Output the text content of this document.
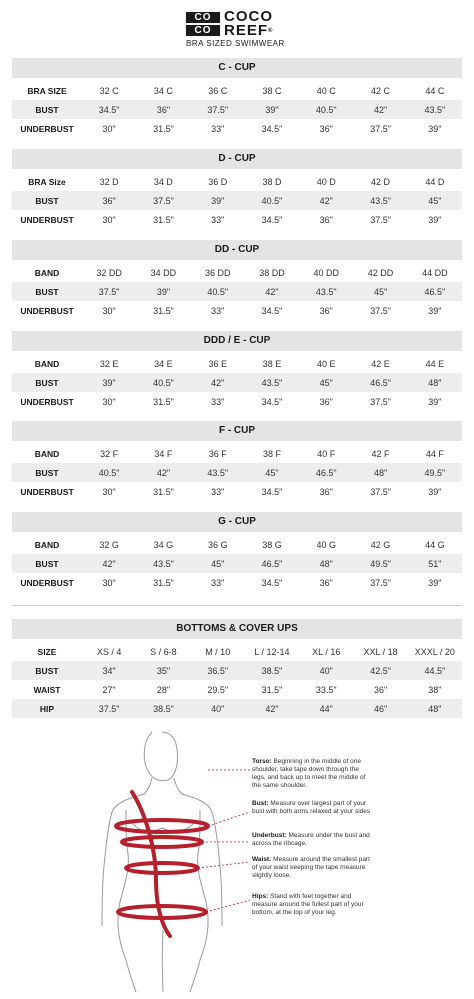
CO
CO
COCO
REEF®
BRA SIZED SWIMWEAR
C - CUP
BRA SIZE	32 C	34 C	36 C	38 C	40 C	42 C	44 C
BUST	34.5"	36"	37.5"	39"	40.5"	42"	43.5"
UNDERBUST	30"	31.5"	33"	34.5"	36"	37.5"	39"
D - CUP
BRA Size	32 D	34 D	36 D	38 D	40 D	42 D	44 D
BUST	36"	37.5"	39"	40.5"	42"	43.5"	45"
UNDERBUST	30"	31.5"	33"	34.5"	36"	37.5"	39"
DD - CUP
BAND	32 DD	34 DD	36 DD	38 DD	40 DD	42 DD	44 DD
BUST	37.5"	39"	40.5"	42"	43.5"	45"	46.5"
UNDERBUST	30"	31.5"	33"	34.5"	36"	37.5"	39"
DDD / E - CUP
BAND	32 E	34 E	36 E	38 E	40 E	42 E	44 E
BUST	39"	40.5"	42"	43.5"	45"	46.5"	48"
UNDERBUST	30"	31.5"	33"	34.5"	36"	37.5"	39"
F - CUP
BAND	32 F	34 F	36 F	38 F	40 F	42 F	44 F
BUST	40.5"	42"	43.5"	45"	46.5"	48"	49.5"
UNDERBUST	30"	31.5"	33"	34.5"	36"	37.5"	39"
G - CUP
BAND	32 G	34 G	36 G	38 G	40 G	42 G	44 G
BUST	42"	43.5"	45"	46.5"	48"	49.5"	51"
UNDERBUST	30"	31.5"	33"	34.5"	36"	37.5"	39"
BOTTOMS & COVER UPS
SIZE	XS / 4	S / 6-8	M / 10	L / 12-14	XL / 16	XXL / 18	XXXL / 20
BUST	34"	35"	36.5"	38.5"	40"	42.5"	44.5"
WAIST	27"	28"	29.5"	31.5"	33.5"	36"	38"
HIP	37.5"	38.5"	40"	42"	44"	46"	48"
Torso: Beginning in the middle of one shoulder, take tape down through the legs, and back up to meet the middle of the same shoulder.
Bust: Measure over largest part of your bust with both arms relaxed at your sides
Underbust: Measure under the bust and across the ribcage.
Waist: Measure around the smallest part of your waist keeping the tape measure slightly loose.
Hips: Stand with feet together and measure around the fullest part of your bottom, at the top of your leg.
